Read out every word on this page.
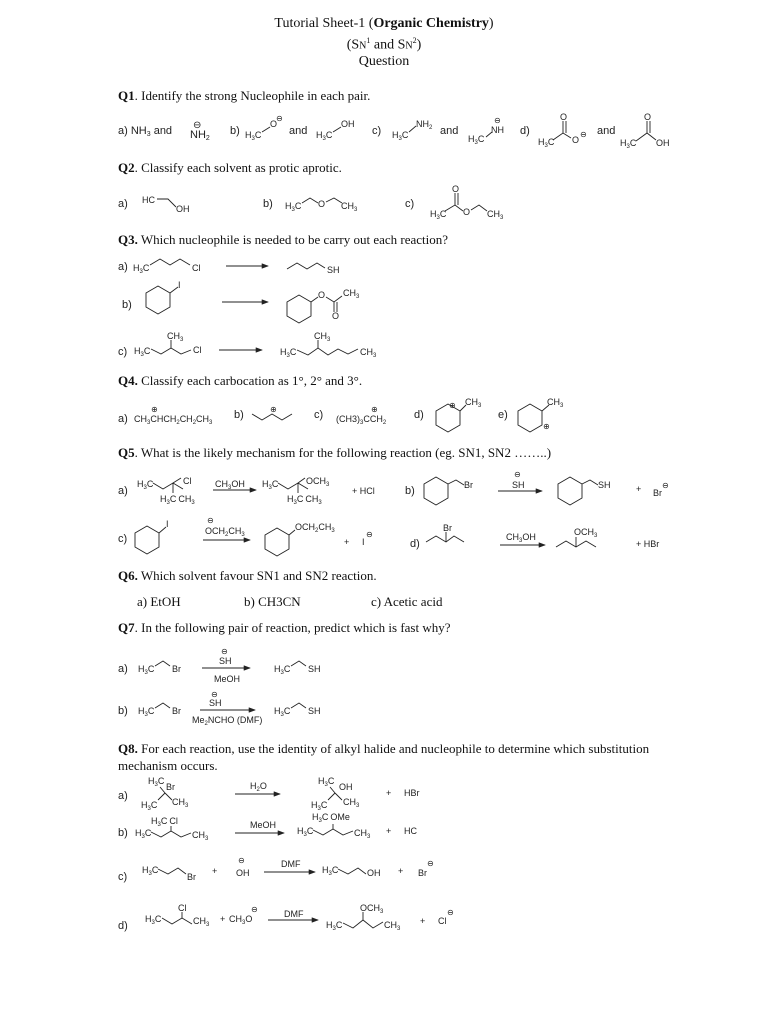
Tutorial Sheet-1 (Organic Chemistry)
($SN^1$ and $SN^2$)
Question
Q1. Identify the strong Nucleophile in each pair.
Q2. Classify each solvent as protic aprotic.
Q3. Which nucleophile is needed to be carry out each reaction?
Q4. Classify each carbocation as 1°, 2° and 3°.
Q5. What is the likely mechanism for the following reaction (eg. SN1, SN2 ……..)
Q6. Which solvent favour SN1 and SN2 reaction.
a) EtOH	b) CH3CN	c) Acetic acid
Q7. In the following pair of reaction, predict which is fast why?
Q8. For each reaction, use the identity of alkyl halide and nucleophile to determine which substitution
mechanism occurs.
a) NH3 and ⊖
NH2
b) $H_3C$
O
⊖
and $H_3C$
OH
c) $H_3C$
$NH_2$ and
$H_3C$
NH
⊖
d)
$H_3C$
O
O
⊖ and
$H_3C$
O
OH
a) HC
OH	b) $H_3C$ O $CH_3$	c)
$H_3C$
O
O $CH_3$
a) $H_3C$	Cl	SH
b)
I
O
O
$CH_3$
c) $H_3C$
$CH_3$
Cl	$H_3C$
$CH_3$
$CH_3$
a)
⊕
$CH_3CHCH_2CH_2CH_3$
b)	⊕	c)	⊕
$(CH3)_3CCH_2$
d)
⊕ $CH_3$
e)
$CH_3$
⊕
a)
$H_3C$	Cl
$H_3C$ $CH_3$
$CH_3OH$ $H_3C$	$OCH_3$
$H_3C$ $CH_3$
+ HCl	b)	Br
⊖
SH	SH	+ Br
⊖
c)
I	⊖
$OCH_2CH_3$
$OCH_2CH_3$
+ I
⊖
d)
Br
$CH_3OH$	$OCH_3$
+ HBr
a) $H_3C$ Br
⊖
SH
MeOH
$H_3C$ SH
b) $H_3C$ Br
⊖
SH
$Me_2NCHO$ (DMF)
$H_3C$ SH
a)
$H_3C$
Br
$H_3C$ $CH_3$
$H_2O$	$H_3C$
OH
$H_3C$ $CH_3$
+ HBr
b)
$H_3C$ Cl
$H_3C$	$CH_3$
MeOH
$H_3C$ OMe
$H_3C$	$CH_3$
+ HC
c)
$H_3C$
Br
+
⊖
OH
DMF
$H_3C$	OH + Br
⊖
d)
$H_3C$
Cl
$CH_3$
+ $CH_3O$
⊖	DMF
$H_3C$
$OCH_3$
$CH_3$
+ Cl
⊖
